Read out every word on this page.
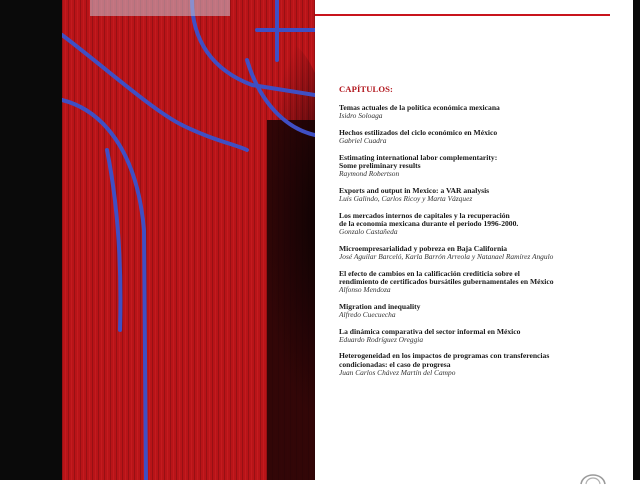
CAPÍTULOS:
Temas actuales de la política económica mexicana
Isidro Soloaga
Hechos estilizados del ciclo económico en México
Gabriel Cuadra
Estimating international labor complementarity:
Some preliminary results
Raymond Robertson
Exports and output in Mexico: a VAR analysis
Luis Galindo, Carlos Ricoy y Marta Vázquez
Los mercados internos de capitales y la recuperación
de la economía mexicana durante el periodo 1996-2000.
Gonzalo Castañeda
Microempresarialidad y pobreza en Baja California
José Aguilar Barceló, Karla Barrón Arreola y Natanael Ramírez Angulo
El efecto de cambios en la calificación crediticia sobre el
rendimiento de certificados bursátiles gubernamentales en México
Alfonso Mendoza
Migration and inequality
Alfredo Cuecuecha
La dinámica comparativa del sector informal en México
Eduardo Rodríguez Oreggia
Heterogeneidad en los impactos de programas con transferencias
condicionadas: el caso de progresa
Juan Carlos Chávez Martín del Campo
